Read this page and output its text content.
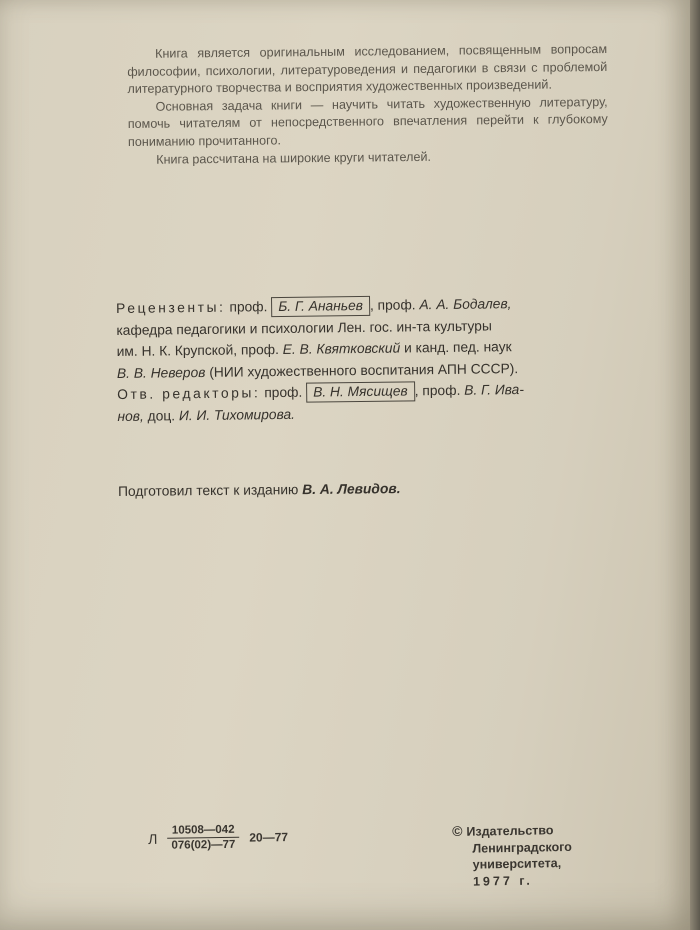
Книга является оригинальным исследованием, посвященным вопросам философии, психологии, литературоведения и педагогики в связи с проблемой литературного творчества и восприятия художественных произведений.

Основная задача книги — научить читать художественную литературу, помочь читателям от непосредственного впечатления перейти к глубокому пониманию прочитанного.

Книга рассчитана на широкие круги читателей.

Рецензенты: проф. Б. Г. Ананьев , проф. А. А. Бодалев,
кафедра педагогики и психологии Лен. гос. ин-та культуры
им. Н. К. Крупской, проф. Е. В. Квятковский и канд. пед. наук
В. В. Неверов (НИИ художественного воспитания АПН СССР).
Отв. редакторы: проф. В. Н. Мясищев , проф. В. Г. Ива-
нов, доц. И. И. Тихомирова.
Подготовил текст к изданию В. А. Левидов.
Л $\frac{10508—042}{076(02)—77}$ 20—77	© Издательство
Ленинградского
университета,
1977 г.
